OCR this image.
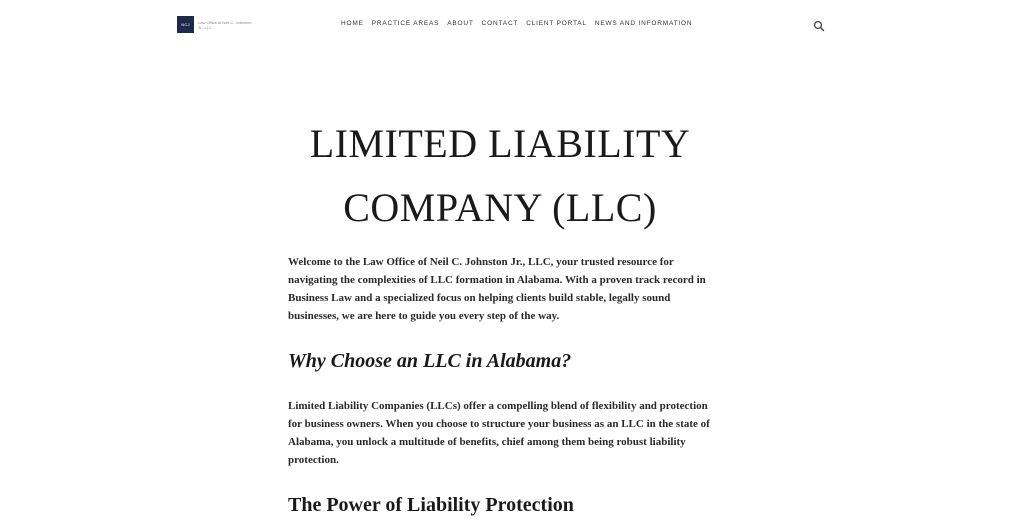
NCJ Law Office of Neil C. Johnston Jr., LLC	HOME PRACTICE AREAS ABOUT CONTACT CLIENT PORTAL NEWS AND INFORMATION
LIMITED LIABILITY
COMPANY (LLC)

Welcome to the Law Office of Neil C. Johnston Jr., LLC, your trusted resource for navigating the complexities of LLC formation in Alabama. With a proven track record in Business Law and a specialized focus on helping clients build stable, legally sound businesses, we are here to guide you every step of the way.

Why Choose an LLC in Alabama?

Limited Liability Companies (LLCs) offer a compelling blend of flexibility and protection for business owners. When you choose to structure your business as an LLC in the state of Alabama, you unlock a multitude of benefits, chief among them being robust liability protection.

The Power of Liability Protection
